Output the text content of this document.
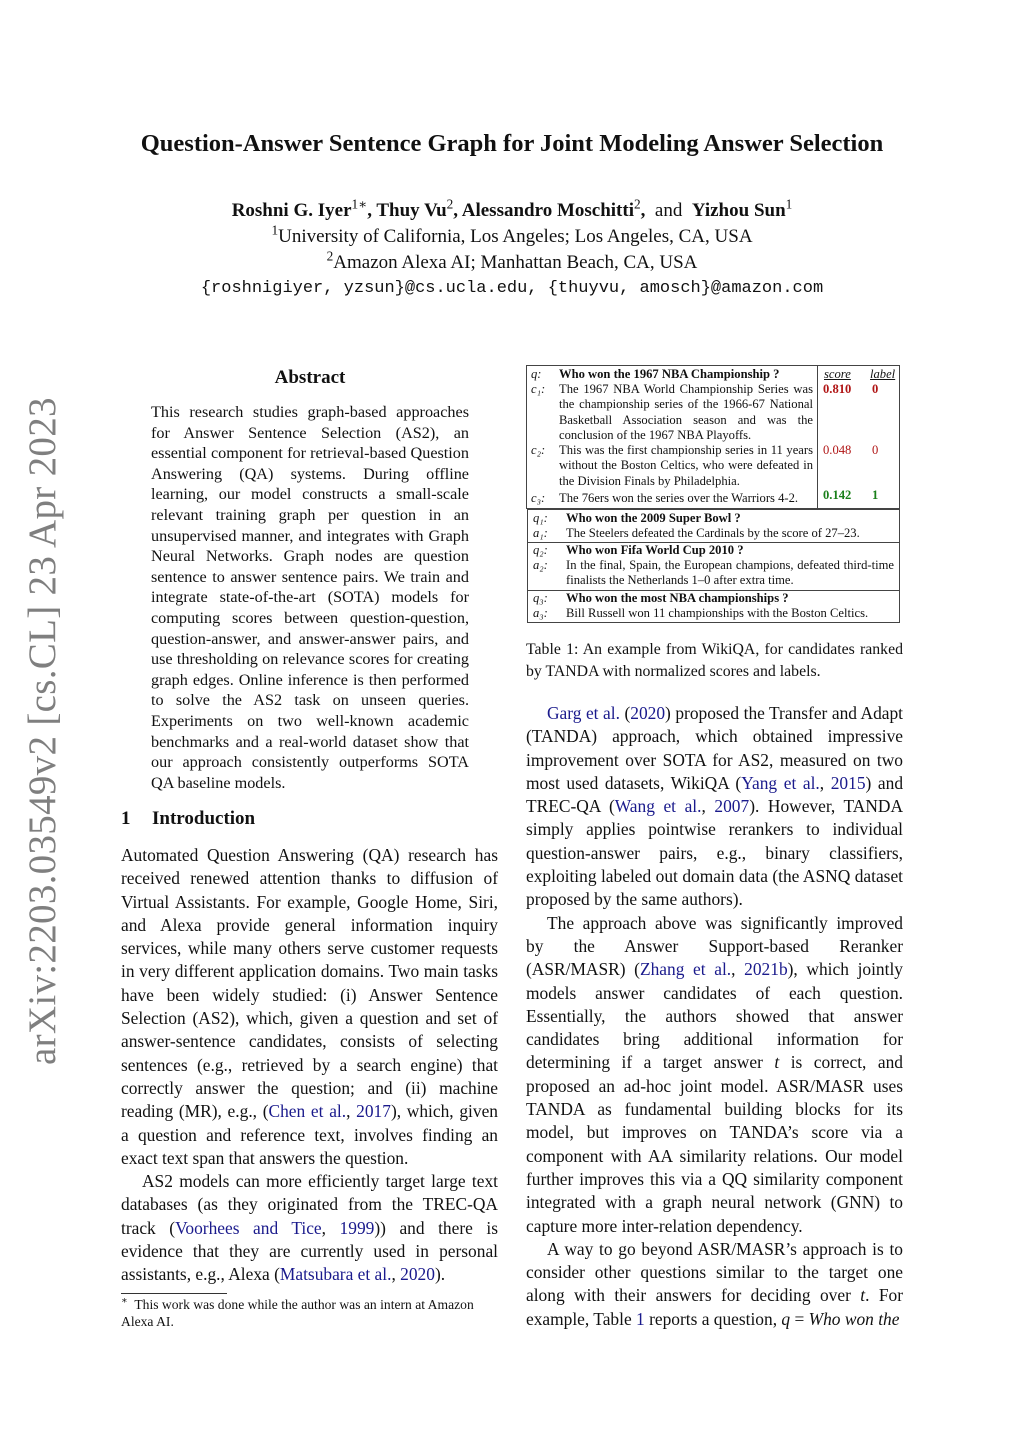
Question-Answer Sentence Graph for Joint Modeling Answer Selection
Roshni G. Iyer$^{1∗}$, Thuy Vu$^2$, Alessandro Moschitti$^2$, and Yizhou Sun$^1$
$^1$University of California, Los Angeles; Los Angeles, CA, USA
$^2$Amazon Alexa AI; Manhattan Beach, CA, USA
{roshnigiyer, yzsun}@cs.ucla.edu, {thuyvu, amosch}@amazon.com
arXiv:2203.03549v2 [cs.CL] 23 Apr 2023
Abstract
This research studies graph-based approaches for Answer Sentence Selection (AS2), an essential component for retrieval-based Question Answering (QA) systems. During offline learning, our model constructs a small-scale relevant training graph per question in an unsupervised manner, and integrates with Graph Neural Networks. Graph nodes are question sentence to answer sentence pairs. We train and integrate state-of-the-art (SOTA) models for computing scores between question-question, question-answer, and answer-answer pairs, and use thresholding on relevance scores for creating graph edges. Online inference is then performed to solve the AS2 task on unseen queries. Experiments on two well-known academic benchmarks and a real-world dataset show that our approach consistently outperforms SOTA QA baseline models.
1 Introduction

Automated Question Answering (QA) research has received renewed attention thanks to diffusion of Virtual Assistants. For example, Google Home, Siri, and Alexa provide general information inquiry services, while many others serve customer requests in very different application domains. Two main tasks have been widely studied: (i) Answer Sentence Selection (AS2), which, given a question and set of answer-sentence candidates, consists of selecting sentences (e.g., retrieved by a search engine) that correctly answer the question; and (ii) machine reading (MR), e.g., (Chen et al., 2017), which, given a question and reference text, involves finding an exact text span that answers the question.

AS2 models can more efficiently target large text databases (as they originated from the TREC-QA track (Voorhees and Tice, 1999)) and there is evidence that they are currently used in personal assistants, e.g., Alexa (Matsubara et al., 2020).

∗ This work was done while the author was an intern at Amazon Alexa AI.
score label
q: Who won the 1967 NBA Championship ?
c₁: The 1967 NBA World Championship Series was the championship series of the 1966-67 National Basketball Association season and was the conclusion of the 1967 NBA Playoffs.
0.810 0
c₂: This was the first championship series in 11 years without the Boston Celtics, who were defeated in the Division Finals by Philadelphia.
0.048 0
c₃: The 76ers won the series over the Warriors 4-2.	0.142 1
q₁: Who won the 2009 Super Bowl ?
a₁: The Steelers defeated the Cardinals by the score of 27–23.
q₂: Who won Fifa World Cup 2010 ?
a₂: In the final, Spain, the European champions, defeated third-time finalists the Netherlands 1–0 after extra time.
q₃: Who won the most NBA championships ?
a₃: Bill Russell won 11 championships with the Boston Celtics.
Table 1: An example from WikiQA, for candidates ranked by TANDA with normalized scores and labels.

Garg et al. (2020) proposed the Transfer and Adapt (TANDA) approach, which obtained impressive improvement over SOTA for AS2, measured on two most used datasets, WikiQA (Yang et al., 2015) and TREC-QA (Wang et al., 2007). However, TANDA simply applies pointwise rerankers to individual question-answer pairs, e.g., binary classifiers, exploiting labeled out domain data (the ASNQ dataset proposed by the same authors).

The approach above was significantly improved by the Answer Support-based Reranker (ASR/MASR) (Zhang et al., 2021b), which jointly models answer candidates of each question. Essentially, the authors showed that answer candidates bring additional information for determining if a target answer t is correct, and proposed an ad-hoc joint model. ASR/MASR uses TANDA as fundamental building blocks for its model, but improves on TANDA’s score via a component with AA similarity relations. Our model further improves this via a QQ similarity component integrated with a graph neural network (GNN) to capture more inter-relation dependency.

A way to go beyond ASR/MASR’s approach is to consider other questions similar to the target one along with their answers for deciding over t. For example, Table 1 reports a question, q = Who won the
